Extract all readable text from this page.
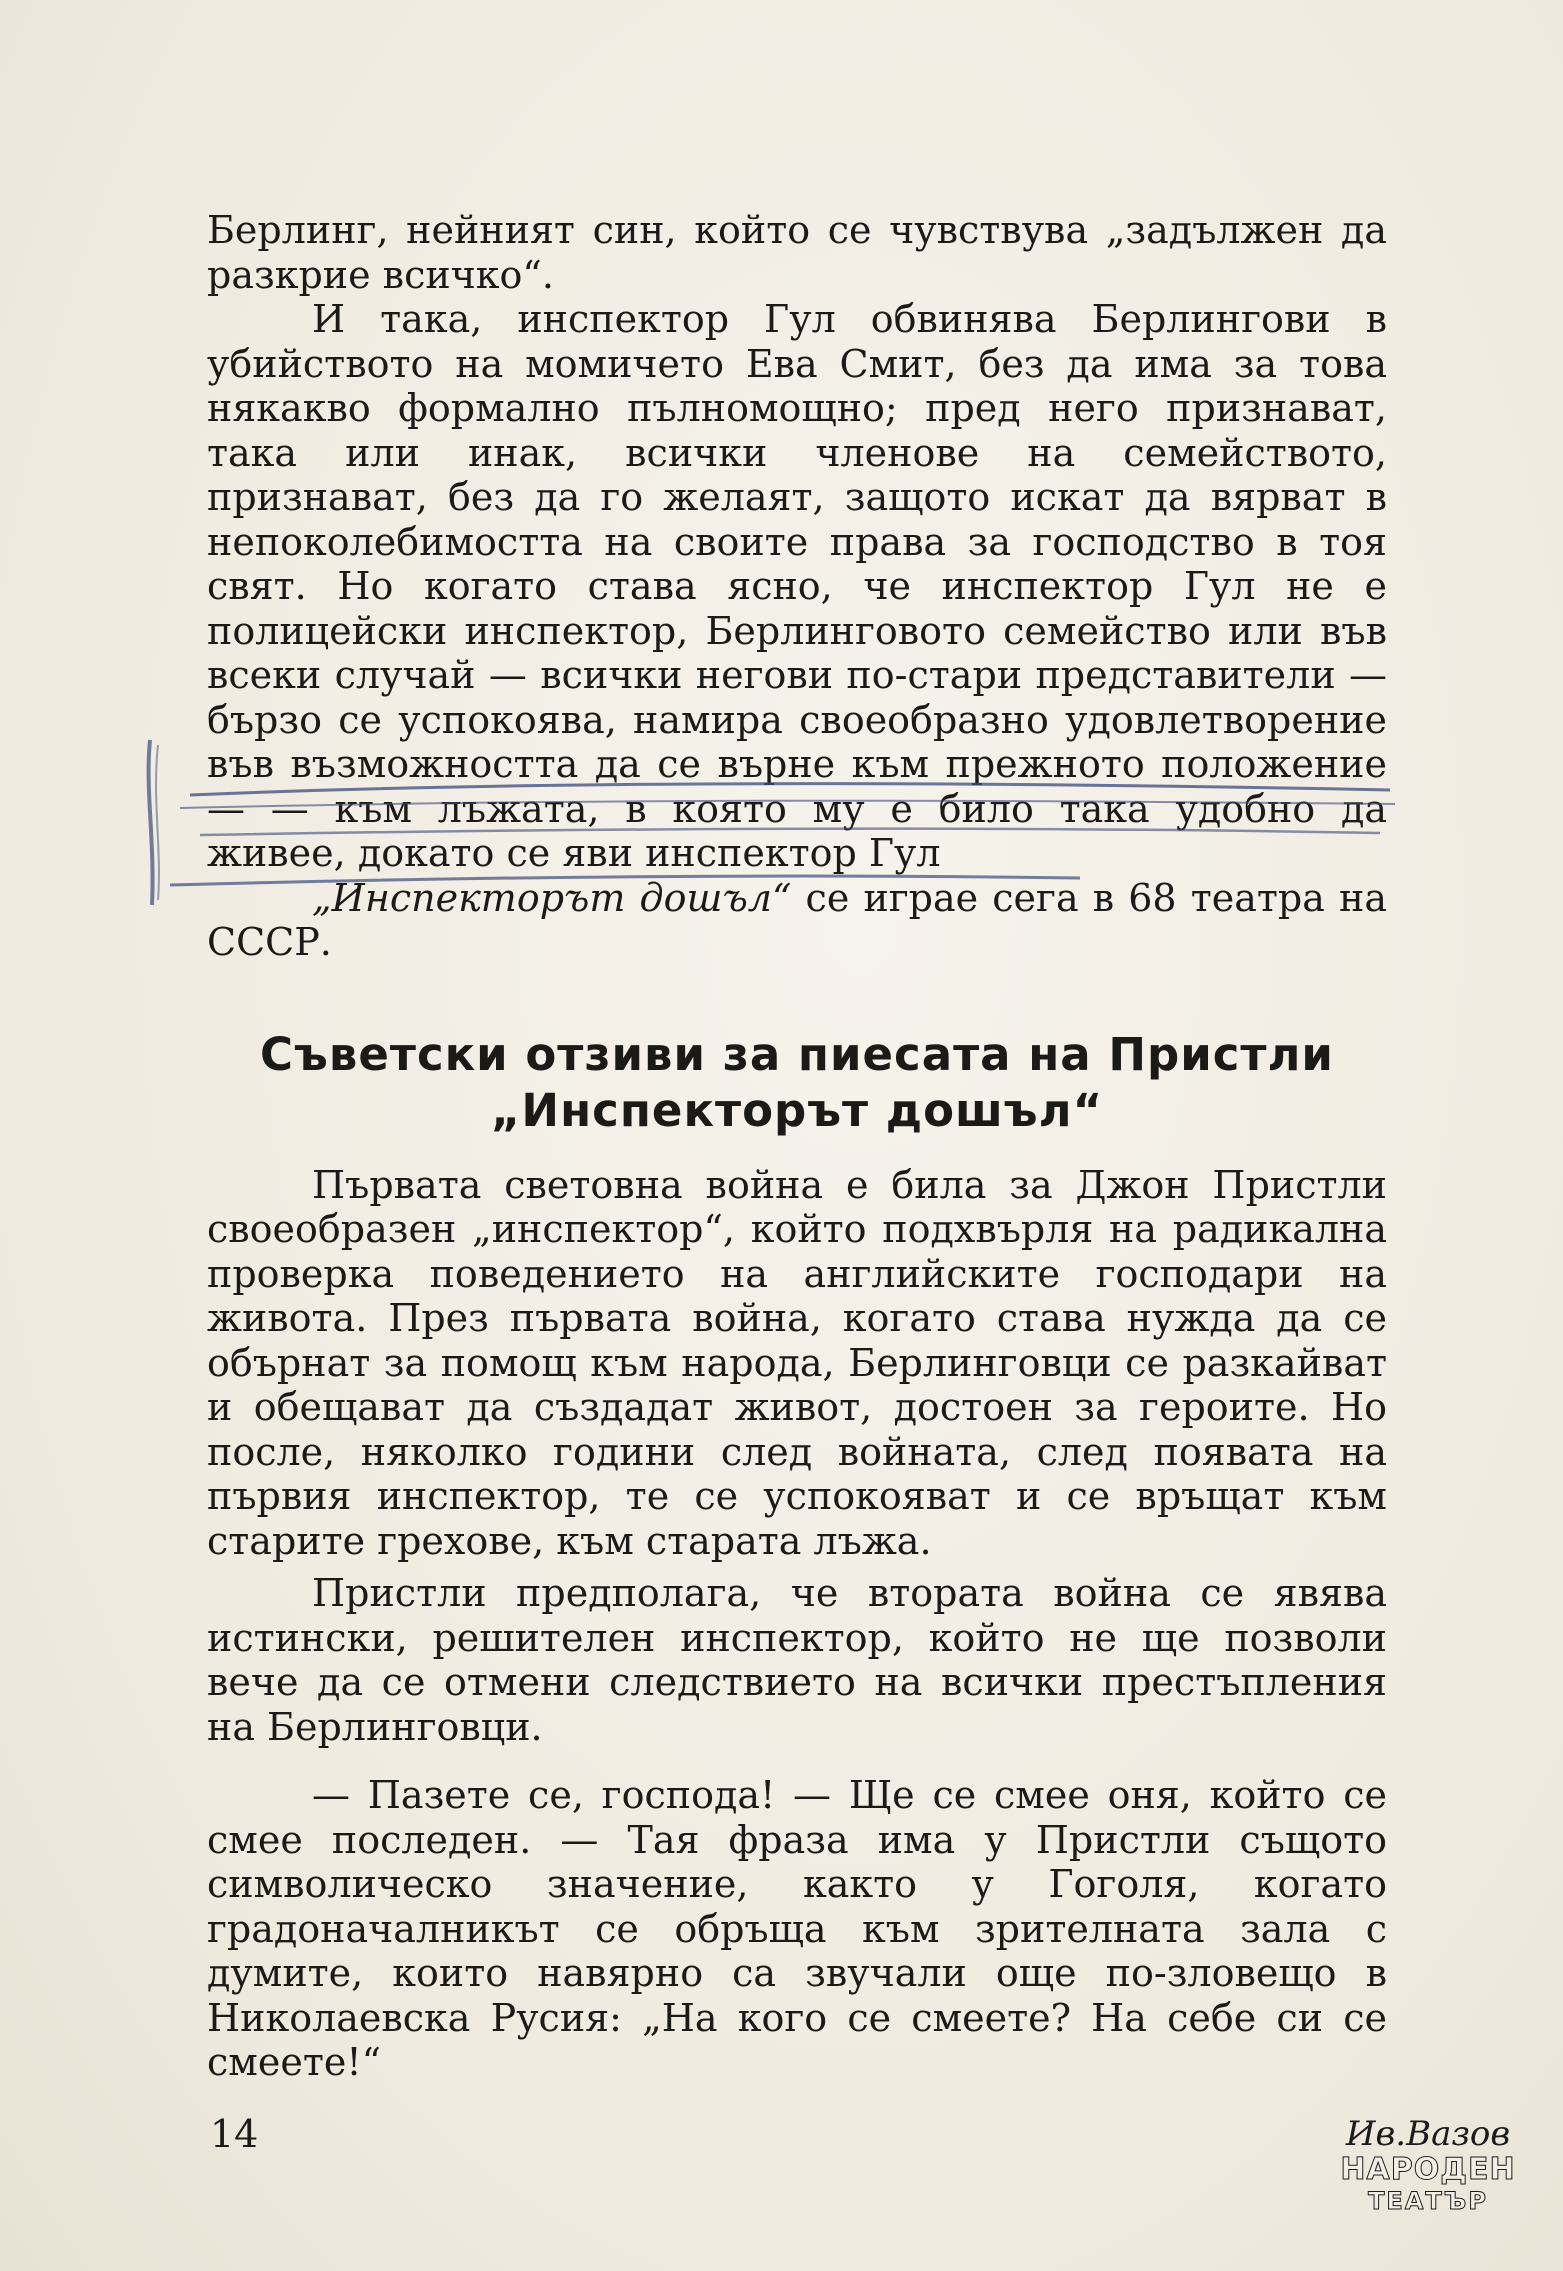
Берлинг, нейният син, който се чувствува „задължен да разкрие всичко“.

И така, инспектор Гул обвинява Берлингови в убийството на момичето Ева Смит, без да има за това някакво формално пълномощно; пред него признават, така или инак, всички членове на семейството, признават, без да го желаят, защото искат да вярват в непоколебимостта на своите права за господство в тоя свят. Но когато става ясно, че инспектор Гул не е полицейски инспектор, Берлинговото семейство или във всеки случай — всички негови по-стари представители — бързо се успокоява, намира своеобразно удовлетворение във възможността да се върне към прежното положение — — към лъжата, в която му е било така удобно да живее, докато се яви инспектор Гул

„Инспекторът дошъл“ се играе сега в 68 театра на СССР.

Съветски отзиви за пиесата на Пристли
„Инспекторът дошъл“

Първата световна война е била за Джон Пристли своеобразен „инспектор“, който подхвърля на радикална проверка поведението на английските господари на живота. През първата война, когато става нужда да се обърнат за помощ към народа, Берлинговци се разкайват и обещават да създадат живот, достоен за героите. Но после, няколко години след войната, след появата на първия инспектор, те се успокояват и се връщат към старите грехове, към старата лъжа.

Пристли предполага, че втората война се явява истински, решителен инспектор, който не ще позволи вече да се отмени следствието на всички престъпления на Берлинговци.

— Пазете се, господа! — Ще се смее оня, който се смее последен. — Тая фраза има у Пристли същото символическо значение, както у Гоголя, когато градоначалникът се обръща към зрителната зала с думите, които навярно са звучали още по-зловещо в Николаевска Русия: „На кого се смеете? На себе си се смеете!“

14	Ив.Вазов
НАРОДЕН
ТЕАТЪР
